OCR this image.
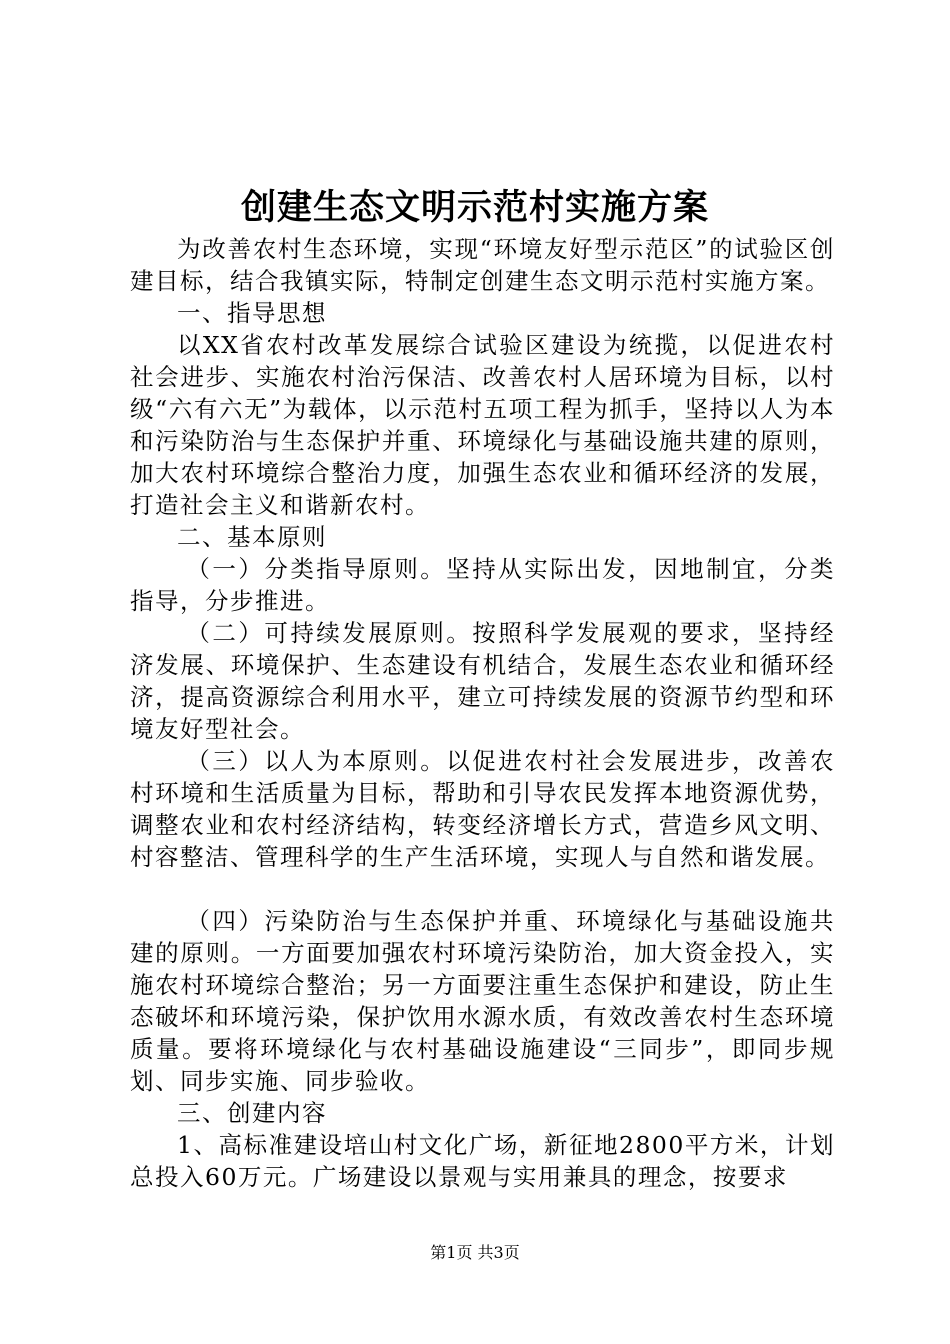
创建生态文明示范村实施方案

为改善农村生态环境，实现“环境友好型示范区”的试验区创建目标，结合我镇实际，特制定创建生态文明示范村实施方案。

一、指导思想

以XX省农村改革发展综合试验区建设为统揽，以促进农村社会进步、实施农村治污保洁、改善农村人居环境为目标，以村级“六有六无”为载体，以示范村五项工程为抓手，坚持以人为本和污染防治与生态保护并重、环境绿化与基础设施共建的原则，加大农村环境综合整治力度，加强生态农业和循环经济的发展，打造社会主义和谐新农村。

二、基本原则

（一）分类指导原则。坚持从实际出发，因地制宜，分类指导，分步推进。

（二）可持续发展原则。按照科学发展观的要求，坚持经济发展、环境保护、生态建设有机结合，发展生态农业和循环经济，提高资源综合利用水平，建立可持续发展的资源节约型和环境友好型社会。

（三）以人为本原则。以促进农村社会发展进步，改善农村环境和生活质量为目标，帮助和引导农民发挥本地资源优势，调整农业和农村经济结构，转变经济增长方式，营造乡风文明、村容整洁、管理科学的生产生活环境，实现人与自然和谐发展。

（四）污染防治与生态保护并重、环境绿化与基础设施共建的原则。一方面要加强农村环境污染防治，加大资金投入，实施农村环境综合整治；另一方面要注重生态保护和建设，防止生态破坏和环境污染，保护饮用水源水质，有效改善农村生态环境质量。要将环境绿化与农村基础设施建设“三同步”，即同步规划、同步实施、同步验收。

三、创建内容

1、高标准建设培山村文化广场，新征地2800平方米，计划总投入60万元。广场建设以景观与实用兼具的理念，按要求

第1页 共3页
